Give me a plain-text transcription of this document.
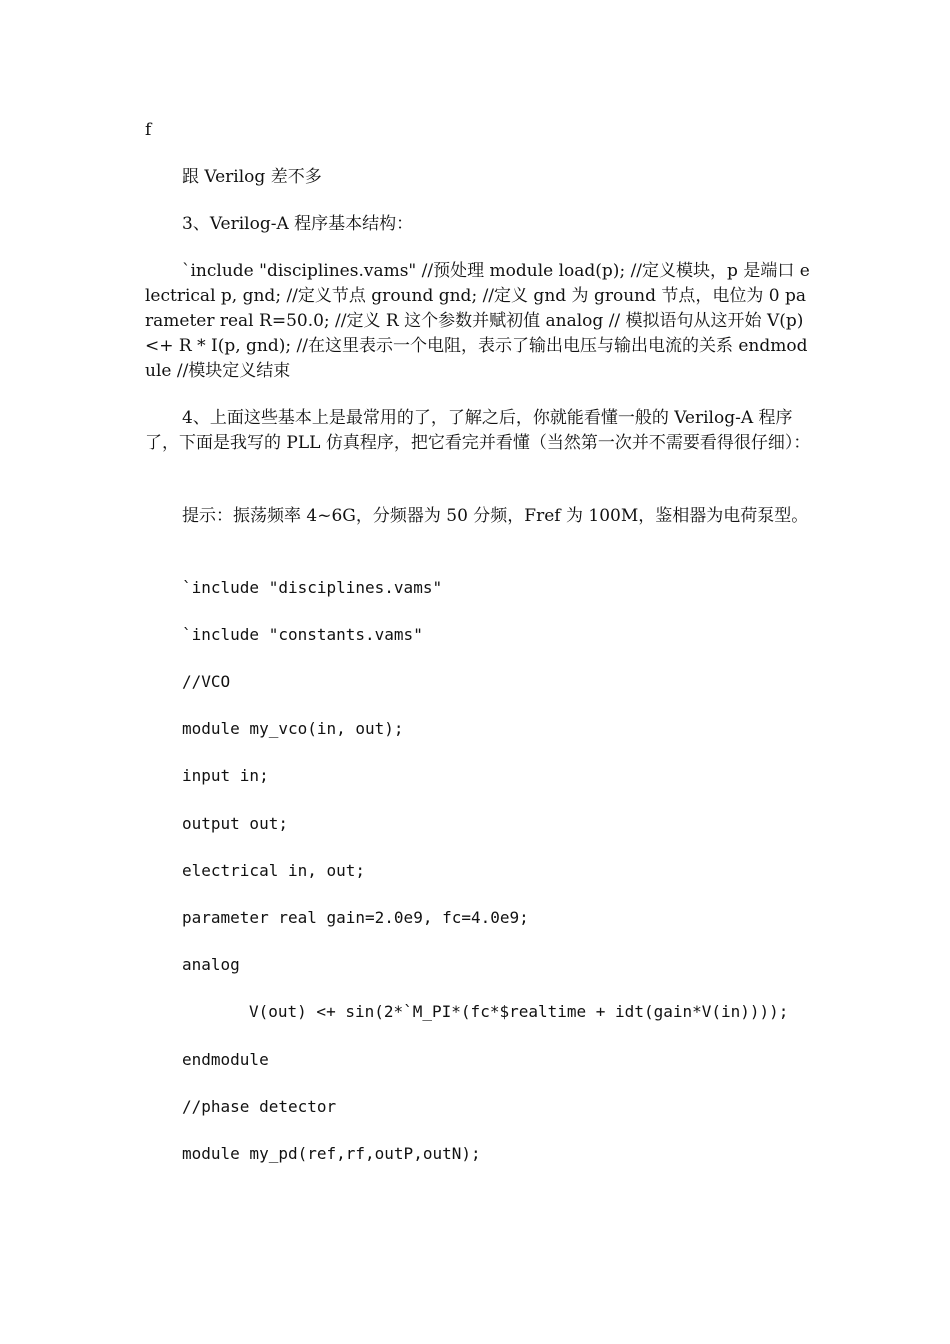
f
跟 Verilog 差不多
3、Verilog-A 程序基本结构：
`include "disciplines.vams" //预处理 module load(p); //定义模块，p 是端口 electrical p, gnd; //定义节点 ground gnd; //定义 gnd 为 ground 节点，电位为 0 parameter real R=50.0; //定义 R 这个参数并赋初值 analog // 模拟语句从这开始 V(p) <+ R * I(p, gnd); //在这里表示一个电阻，表示了输出电压与输出电流的关系 endmodule //模块定义结束
4、上面这些基本上是最常用的了，了解之后，你就能看懂一般的 Verilog-A 程序了，下面是我写的 PLL 仿真程序，把它看完并看懂（当然第一次并不需要看得很仔细）：
提示：振荡频率 4~6G，分频器为 50 分频，Fref 为 100M，鉴相器为电荷泵型。
`include "disciplines.vams"
`include "constants.vams"
//VCO
module my_vco(in, out);
input in;
output out;
electrical in, out;
parameter real gain=2.0e9, fc=4.0e9;
analog
V(out) <+ sin(2*`M_PI*(fc*$realtime + idt(gain*V(in))));
endmodule
//phase detector
module my_pd(ref,rf,outP,outN);
